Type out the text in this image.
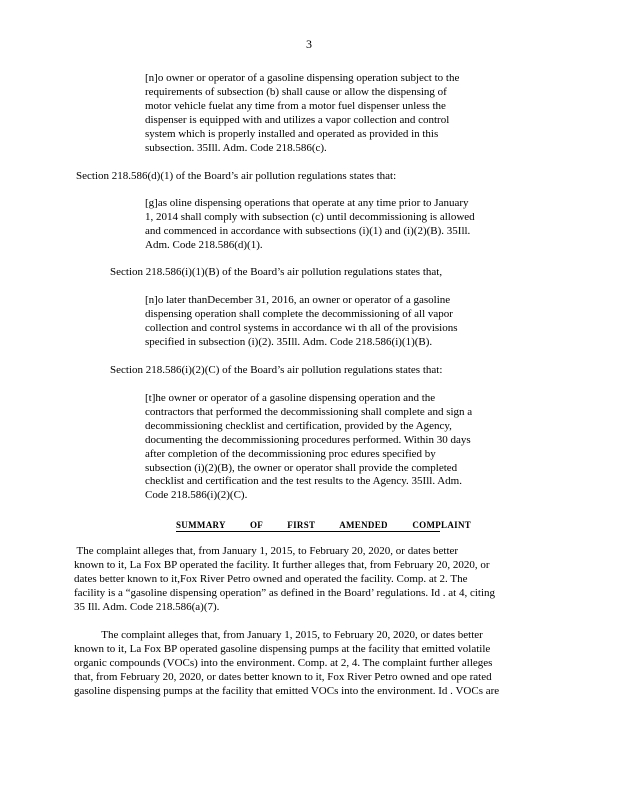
3
[n]o owner or operator of a gasoline dispensing operation subject to the
requirements of subsection (b) shall cause or allow the dispensing of
motor vehicle fuelat any time from a motor fuel dispenser unless the
dispenser is equipped with and utilizes a vapor collection and control
system which is properly installed and operated as provided in this
subsection. 35Ill. Adm. Code 218.586(c).
Section 218.586(d)(1) of the Board’s air pollution regulations states that:
[g]as oline dispensing operations that operate at any time prior to January
1, 2014 shall comply with subsection (c) until decommissioning is allowed
and commenced in accordance with subsections (i)(1) and (i)(2)(B). 35Ill.
Adm. Code 218.586(d)(1).
Section 218.586(i)(1)(B) of the Board’s air pollution regulations states that,
[n]o later thanDecember 31, 2016, an owner or operator of a gasoline
dispensing operation shall complete the decommissioning of all vapor
collection and control systems in accordance wi th all of the provisions
specified in subsection (i)(2). 35Ill. Adm. Code 218.586(i)(1)(B).
Section 218.586(i)(2)(C) of the Board’s air pollution regulations states that:
[t]he owner or operator of a gasoline dispensing operation and the
contractors that performed the decommissioning shall complete and sign a
decommissioning checklist and certification, provided by the Agency,
documenting the decommissioning procedures performed. Within 30 days
after completion of the decommissioning proc edures specified by
subsection (i)(2)(B), the owner or operator shall provide the completed
checklist and certification and the test results to the Agency. 35Ill. Adm.
Code 218.586(i)(2)(C).
SUMMARY OF FIRST AMENDED COMPLAINT
The complaint alleges that, from January 1, 2015, to February 20, 2020, or dates better
known to it, La Fox BP operated the facility. It further alleges that, from February 20, 2020, or
dates better known to it,Fox River Petro owned and operated the facility. Comp. at 2. The
facility is a “gasoline dispensing operation” as defined in the Board’ regulations. Id . at 4, citing
35 Ill. Adm. Code 218.586(a)(7).
The complaint alleges that, from January 1, 2015, to February 20, 2020, or dates better
known to it, La Fox BP operated gasoline dispensing pumps at the facility that emitted volatile
organic compounds (VOCs) into the environment. Comp. at 2, 4. The complaint further alleges
that, from February 20, 2020, or dates better known to it, Fox River Petro owned and ope rated
gasoline dispensing pumps at the facility that emitted VOCs into the environment. Id . VOCs are
